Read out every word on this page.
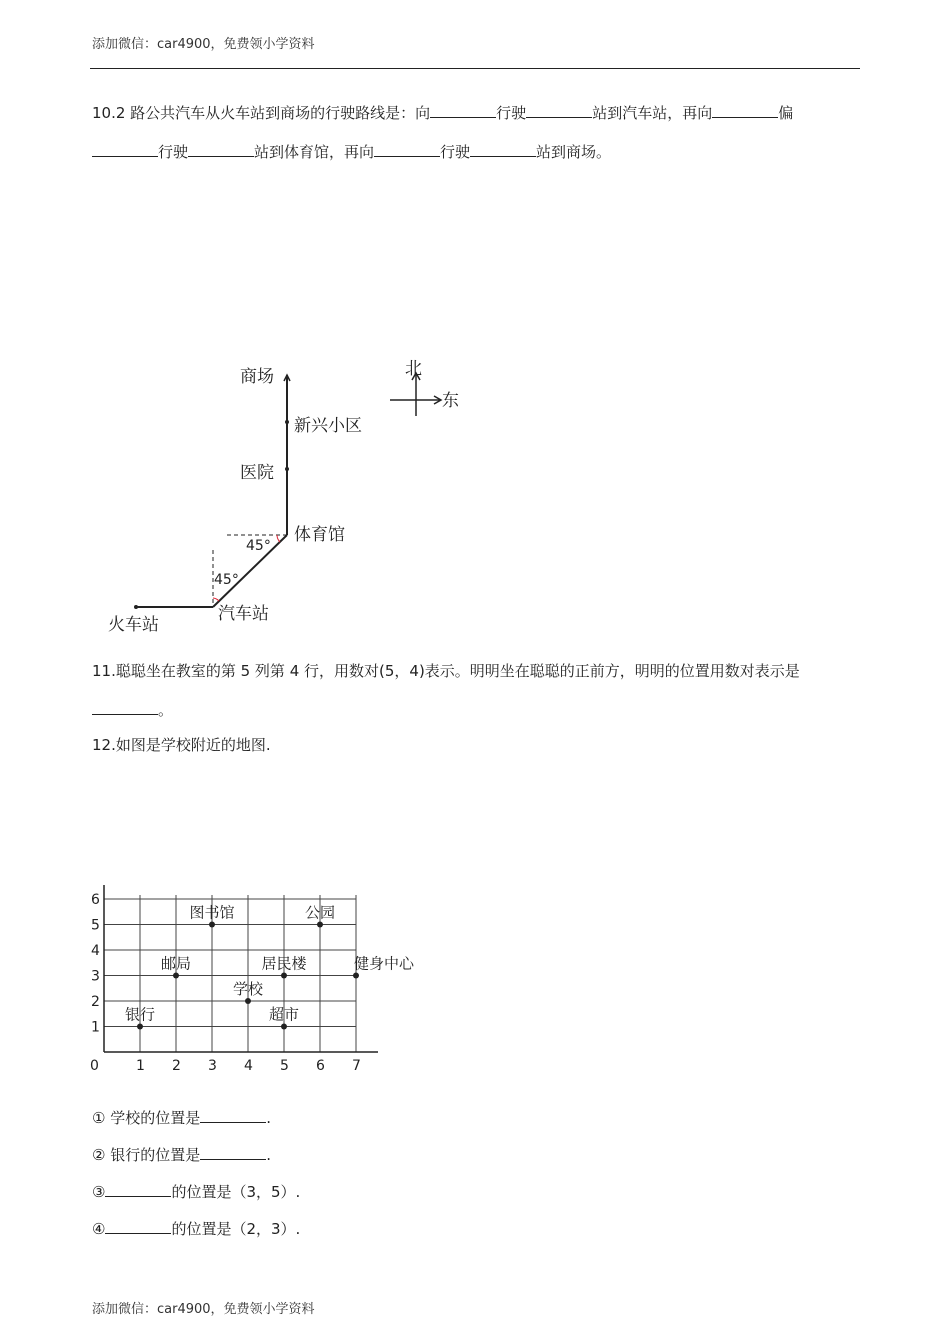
添加微信：car4900，免费领小学资料
10.2 路公共汽车从火车站到商场的行驶路线是：向	行驶	站到汽车站，再向	偏
行驶	站到体育馆，再向	行驶	站到商场。
商场
新兴小区
医院
体育馆
汽车站
火车站
45°
45°
北
东
11.聪聪坐在教室的第 5 列第 4 行，用数对(5，4)表示。明明坐在聪聪的正前方，明明的位置用数对表示是
。
12.如图是学校附近的地图.
0	1 2 3 4 5 6 7
1
2
3
4
5
6
图书馆	公园
邮局	居民楼	健身中心
学校
银行	超市
① 学校的位置是	.
② 银行的位置是	.
③	的位置是（3，5）.
④	的位置是（2，3）.
添加微信：car4900，免费领小学资料
